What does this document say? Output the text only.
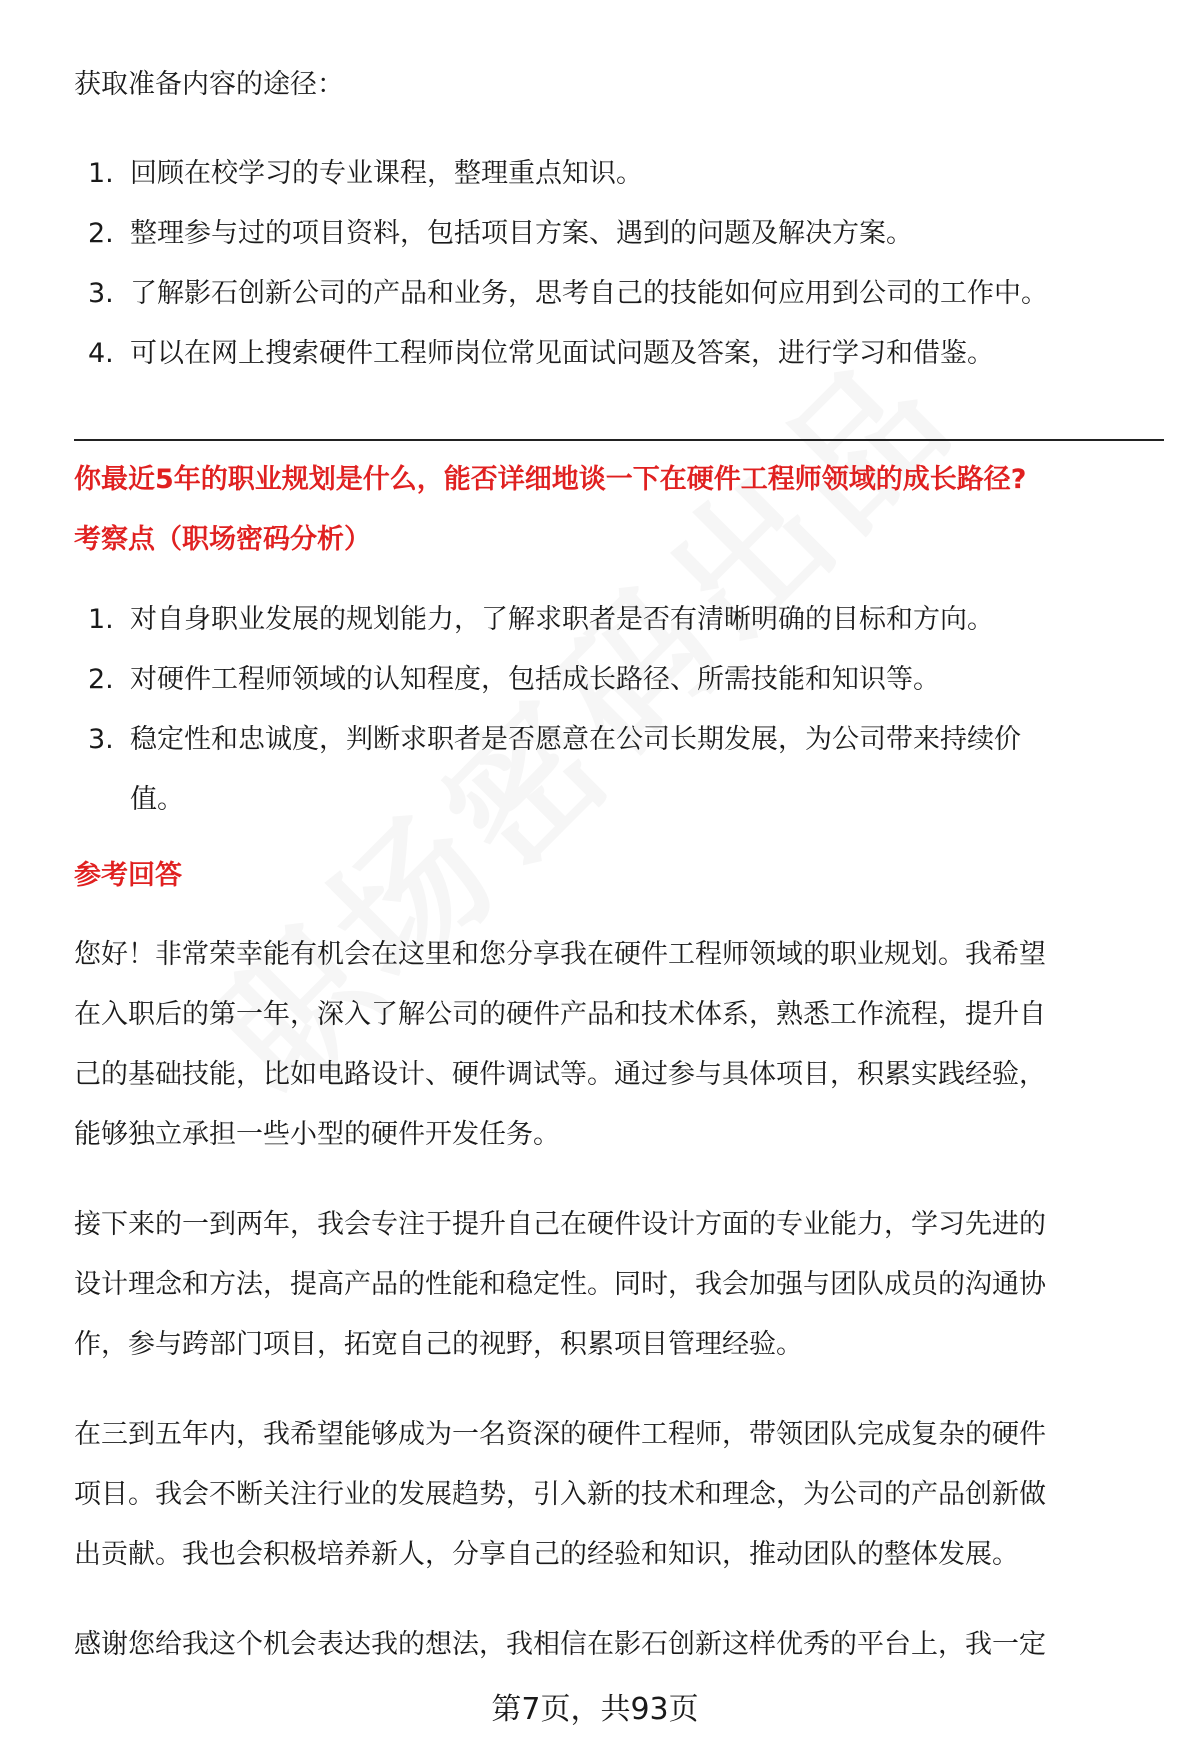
获取准备内容的途径：
1. 回顾在校学习的专业课程，整理重点知识。
2. 整理参与过的项目资料，包括项目方案、遇到的问题及解决方案。
3. 了解影石创新公司的产品和业务，思考自己的技能如何应用到公司的工作中。
4. 可以在网上搜索硬件工程师岗位常见面试问题及答案，进行学习和借鉴。
你最近5年的职业规划是什么，能否详细地谈一下在硬件工程师领域的成长路径?
考察点（职场密码分析）
1. 对自身职业发展的规划能力，了解求职者是否有清晰明确的目标和方向。
2. 对硬件工程师领域的认知程度，包括成长路径、所需技能和知识等。
3. 稳定性和忠诚度，判断求职者是否愿意在公司长期发展，为公司带来持续价
值。
参考回答
您好！非常荣幸能有机会在这里和您分享我在硬件工程师领域的职业规划。我希望
在入职后的第一年，深入了解公司的硬件产品和技术体系，熟悉工作流程，提升自
己的基础技能，比如电路设计、硬件调试等。通过参与具体项目，积累实践经验，
能够独立承担一些小型的硬件开发任务。
接下来的一到两年，我会专注于提升自己在硬件设计方面的专业能力，学习先进的
设计理念和方法，提高产品的性能和稳定性。同时，我会加强与团队成员的沟通协
作，参与跨部门项目，拓宽自己的视野，积累项目管理经验。
在三到五年内，我希望能够成为一名资深的硬件工程师，带领团队完成复杂的硬件
项目。我会不断关注行业的发展趋势，引入新的技术和理念，为公司的产品创新做
出贡献。我也会积极培养新人，分享自己的经验和知识，推动团队的整体发展。
感谢您给我这个机会表达我的想法，我相信在影石创新这样优秀的平台上，我一定
第7页，共93页
